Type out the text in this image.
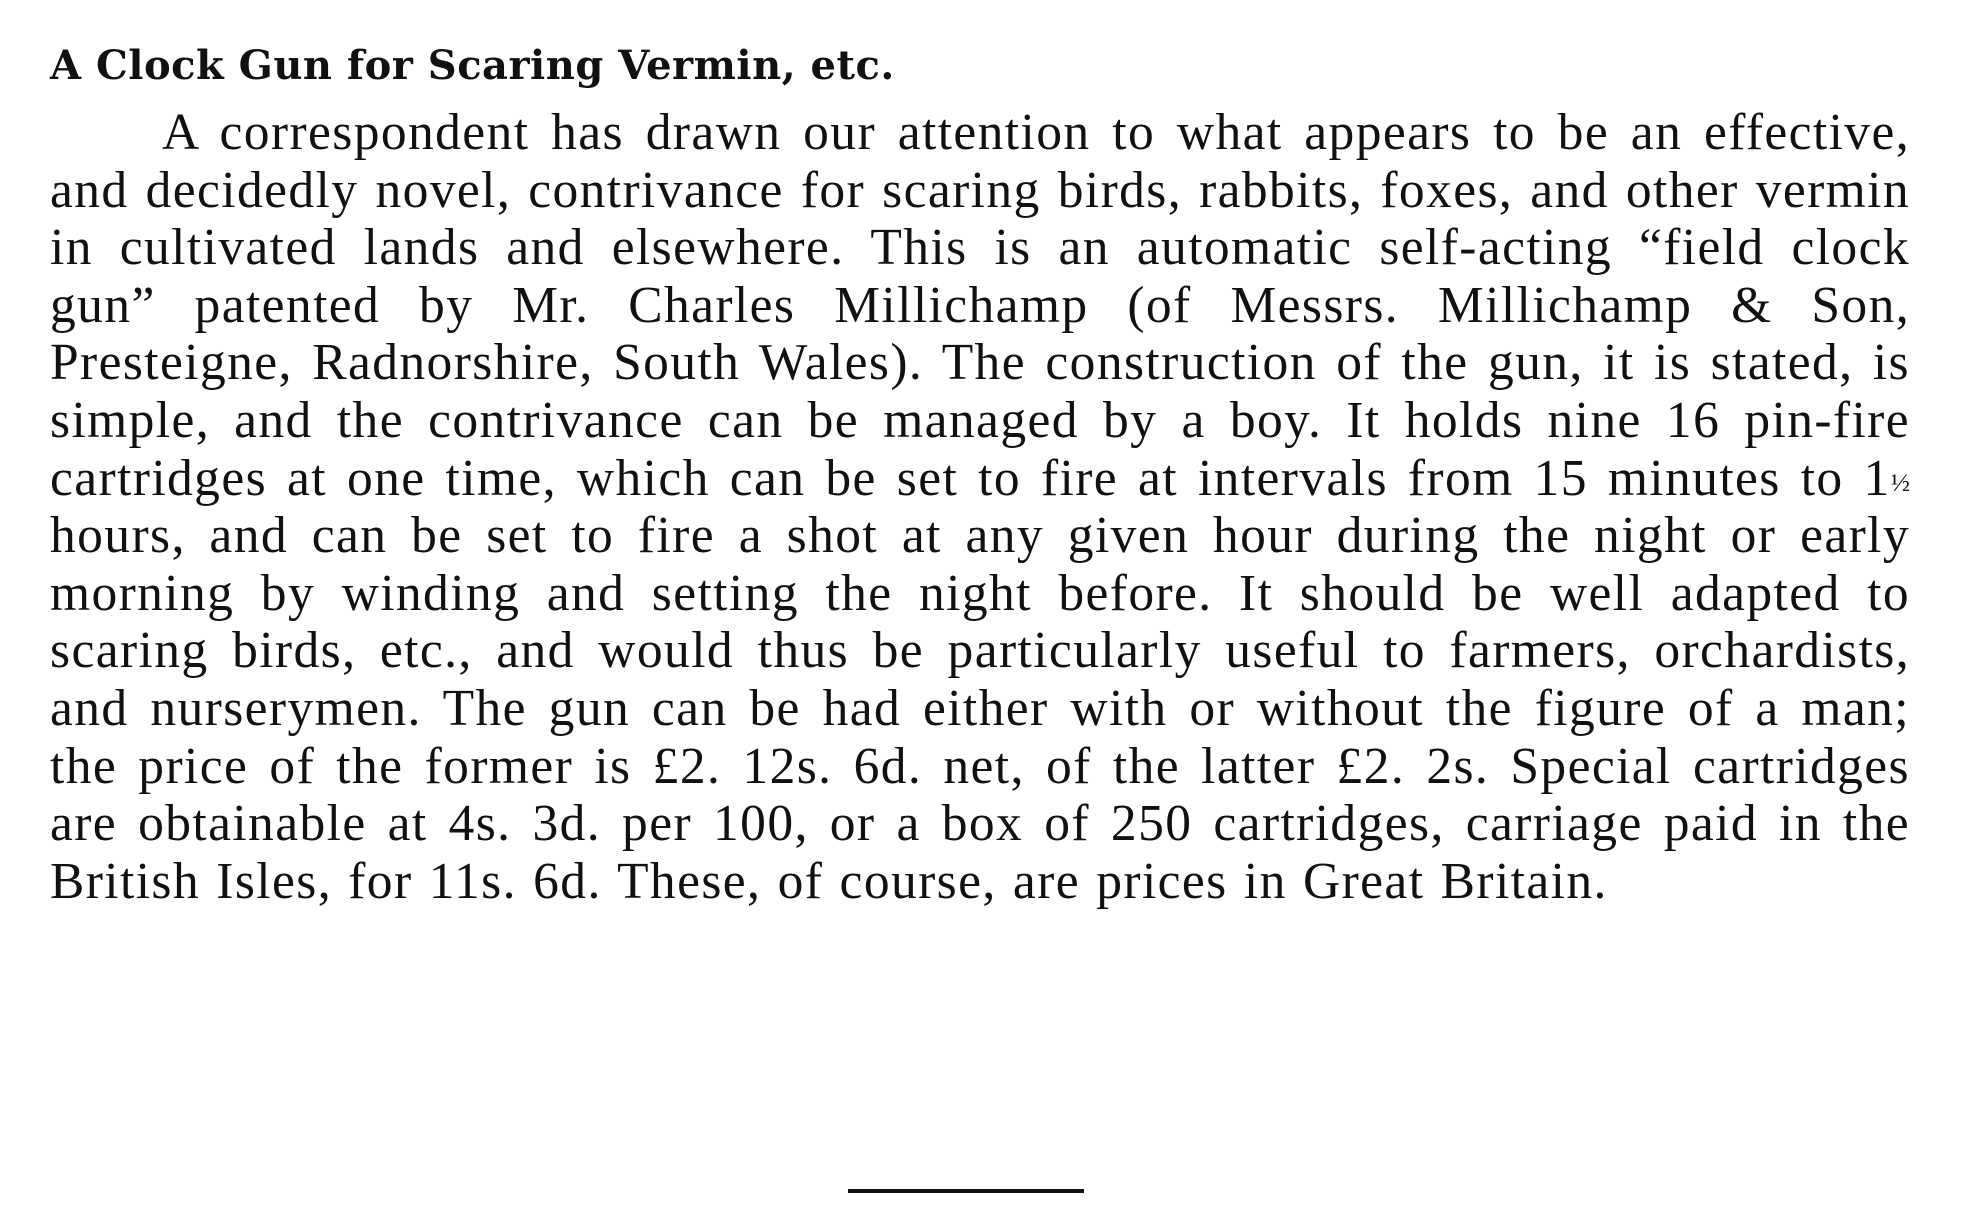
A Clock Gun for Scaring Vermin, etc.

A correspondent has drawn our attention to what appears to be an effective, and decidedly novel, contrivance for scaring birds, rabbits, foxes, and other vermin in cultivated lands and elsewhere. This is an automatic self-acting “field clock gun” patented by Mr. Charles Millichamp (of Messrs. Millichamp & Son, Presteigne, Radnorshire, South Wales). The construction of the gun, it is stated, is simple, and the contrivance can be managed by a boy. It holds nine 16 pin-fire cartridges at one time, which can be set to fire at intervals from 15 minutes to 1½ hours, and can be set to fire a shot at any given hour during the night or early morning by winding and setting the night before. It should be well adapted to scaring birds, etc., and would thus be particularly useful to farmers, orchardists, and nurserymen. The gun can be had either with or without the figure of a man; the price of the former is £2. 12s. 6d. net, of the latter £2. 2s. Special cartridges are obtainable at 4s. 3d. per 100, or a box of 250 cartridges, carriage paid in the British Isles, for 11s. 6d. These, of course, are prices in Great Britain.
